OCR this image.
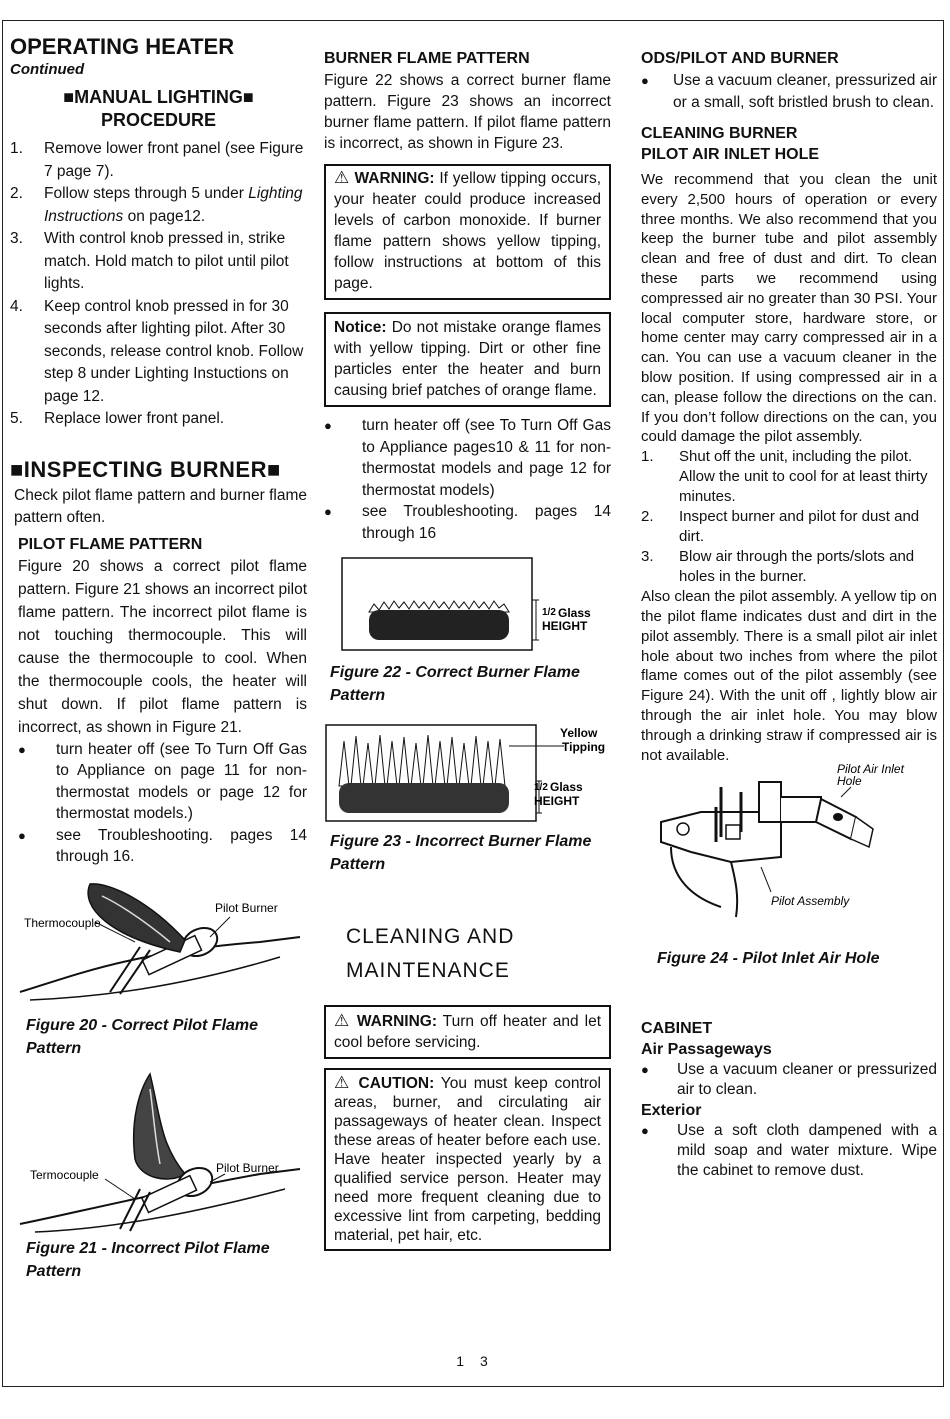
OPERATING HEATER
Continued
■MANUAL LIGHTING■
PROCEDURE
1. Remove lower front panel (see Figure 7 page 7).
2. Follow steps through 5 under Lighting Instructions on page12.
3. With control knob pressed in, strike match. Hold match to pilot until pilot lights.
4. Keep control knob pressed in for 30 seconds after lighting pilot. After 30 seconds, release control knob. Follow step 8 under Lighting Instuctions on page 12.
5. Replace lower front panel.
■INSPECTING BURNER■

Check pilot flame pattern and burner flame pattern often.

PILOT FLAME PATTERN

Figure 20 shows a correct pilot flame pattern. Figure 21 shows an incorrect pilot flame pattern. The incorrect pilot flame is not touching thermocouple. This will cause the thermocouple to cool. When the thermocouple cools, the heater will shut down. If pilot flame pattern is incorrect, as shown in Figure 21.

● turn heater off (see To Turn Off Gas to Appliance on page 11 for non-thermostat models or page 12 for thermostat models.)
● see Troubleshooting. pages 14 through 16.
Thermocouple
Pilot Burner
Figure 20 - Correct Pilot Flame Pattern
Termocouple	Pilot Burner
Figure 21 - Incorrect Pilot Flame Pattern
BURNER FLAME PATTERN

Figure 22 shows a correct burner flame pattern. Figure 23 shows an incorrect burner flame pattern. If pilot flame pattern is incorrect, as shown in Figure 23.

⚠ WARNING: If yellow tipping occurs, your heater could produce increased levels of carbon monoxide. If burner flame pattern shows yellow tipping, follow instructions at bottom of this page.
Notice: Do not mistake orange flames with yellow tipping. Dirt or other fine particles enter the heater and burn causing brief patches of orange flame.
● turn heater off (see To Turn Off Gas to Appliance pages10 & 11 for non-thermostat models and page 12 for thermostat models)
● see Troubleshooting. pages 14 through 16
1/2 Glass
HEIGHT
Figure 22 - Correct Burner Flame Pattern
Yellow
Tipping
1/2 Glass
HEIGHT
Figure 23 - Incorrect Burner Flame Pattern
CLEANING AND
MAINTENANCE
⚠ WARNING: Turn off heater and let cool before servicing.
⚠ CAUTION: You must keep control areas, burner, and circulating air passageways of heater clean. Inspect these areas of heater before each use. Have heater inspected yearly by a qualified service person. Heater may need more frequent cleaning due to excessive lint from carpeting, bedding material, pet hair, etc.
ODS/PILOT AND BURNER
● Use a vacuum cleaner, pressurized air or a small, soft bristled brush to clean.
CLEANING BURNER
PILOT AIR INLET HOLE

We recommend that you clean the unit every 2,500 hours of operation or every three months. We also recommend that you keep the burner tube and pilot assembly clean and free of dust and dirt. To clean these parts we recommend using compressed air no greater than 30 PSI. Your local computer store, hardware store, or home center may carry compressed air in a can. You can use a vacuum cleaner in the blow position. If using compressed air in a can, please follow the directions on the can. If you don’t follow directions on the can, you could damage the pilot assembly.

1. Shut off the unit, including the pilot. Allow the unit to cool for at least thirty minutes.
2. Inspect burner and pilot for dust and dirt.
3. Blow air through the ports/slots and holes in the burner.

Also clean the pilot assembly. A yellow tip on the pilot flame indicates dust and dirt in the pilot assembly. There is a small pilot air inlet hole about two inches from where the pilot flame comes out of the pilot assembly (see Figure 24). With the unit off , lightly blow air through the air inlet hole. You may blow through a drinking straw if compressed air is not available.

Pilot Air Inlet
Hole
Pilot Assembly
Figure 24 - Pilot Inlet Air Hole
CABINET
Air Passageways
● Use a vacuum cleaner or pressurized air to clean.
Exterior
● Use a soft cloth dampened with a mild soap and water mixture. Wipe the cabinet to remove dust.
1 3
